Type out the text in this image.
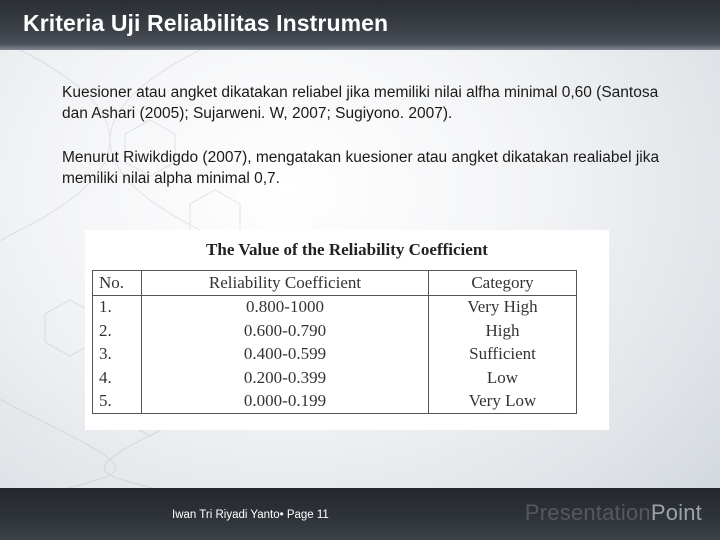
Kriteria Uji Reliabilitas Instrumen
Kuesioner atau angket dikatakan reliabel jika memiliki nilai alfha minimal 0,60 (Santosa dan Ashari (2005); Sujarweni. W, 2007; Sugiyono. 2007).
Menurut Riwikdigdo (2007), mengatakan kuesioner atau angket dikatakan realiabel jika memiliki nilai alpha minimal 0,7.
The Value of the Reliability Coefficient
No.	Reliability Coefficient	Category
1.	0.800-1000	Very High
2.	0.600-0.790	High
3.	0.400-0.599	Sufficient
4.	0.200-0.399	Low
5.	0.000-0.199	Very Low
Iwan Tri Riyadi Yanto• Page 11	PresentationPoint
